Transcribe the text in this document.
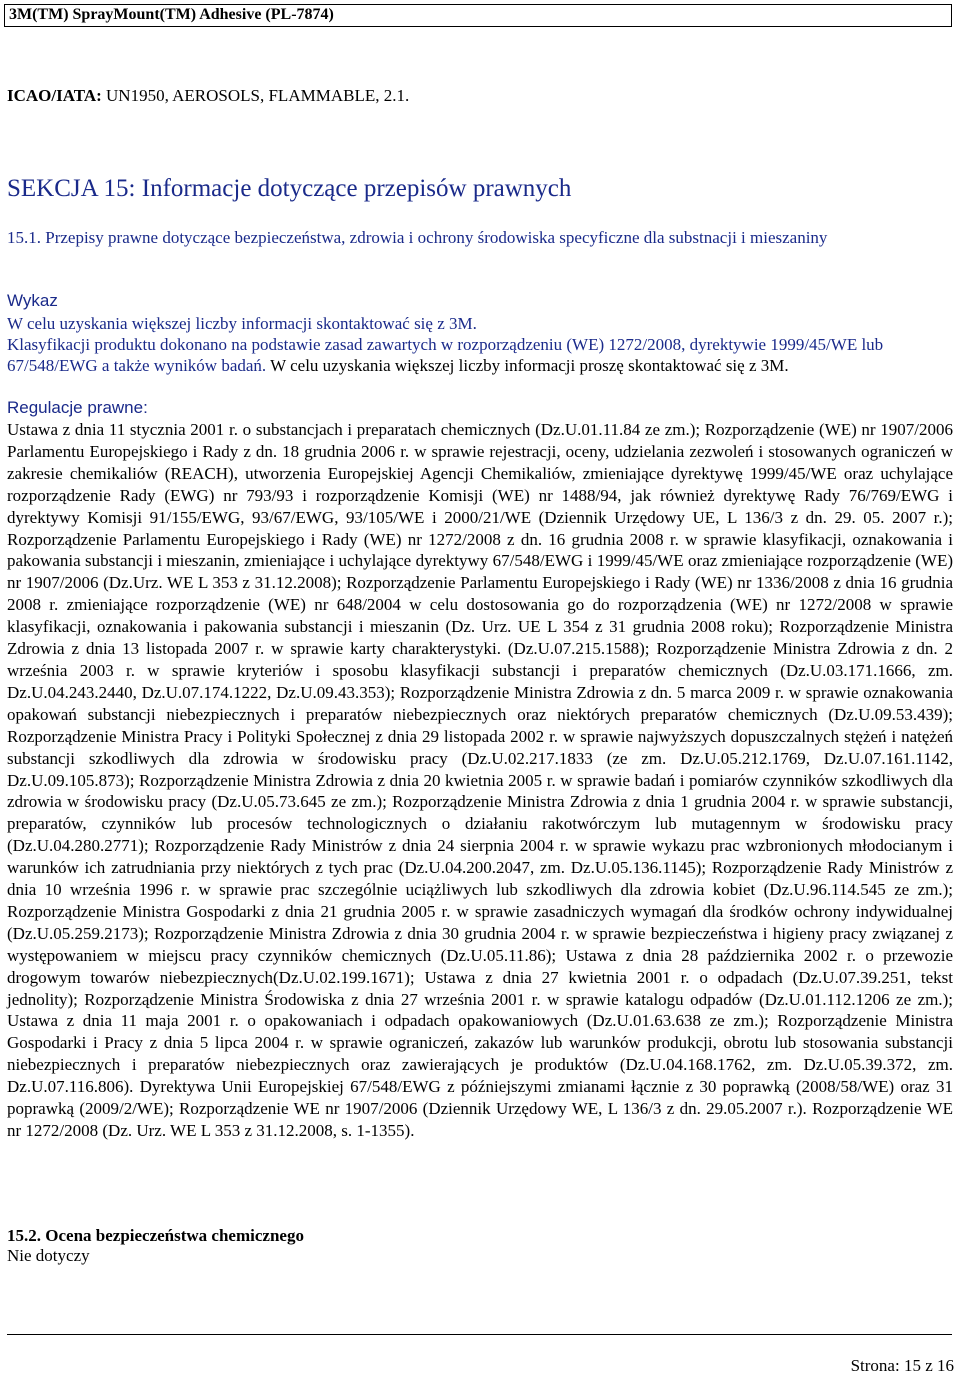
3M(TM) SprayMount(TM) Adhesive (PL-7874)
ICAO/IATA: UN1950, AEROSOLS, FLAMMABLE, 2.1.
SEKCJA 15: Informacje dotyczące przepisów prawnych
15.1. Przepisy prawne dotyczące bezpieczeństwa, zdrowia i ochrony środowiska specyficzne dla substnacji i mieszaniny
Wykaz
W celu uzyskania większej liczby informacji skontaktować się z 3M.
Klasyfikacji produktu dokonano na podstawie zasad zawartych w rozporządzeniu (WE) 1272/2008, dyrektywie 1999/45/WE lub 67/548/EWG a także wyników badań. W celu uzyskania większej liczby informacji proszę skontaktować się z 3M.
Regulacje prawne:
Ustawa z dnia 11 stycznia 2001 r. o substancjach i preparatach chemicznych (Dz.U.01.11.84 ze zm.); Rozporządzenie (WE) nr 1907/2006 Parlamentu Europejskiego i Rady z dn. 18 grudnia 2006 r. w sprawie rejestracji, oceny, udzielania zezwoleń i stosowanych ograniczeń w zakresie chemikaliów (REACH), utworzenia Europejskiej Agencji Chemikaliów, zmieniające dyrektywę 1999/45/WE oraz uchylające rozporządzenie Rady (EWG) nr 793/93 i rozporządzenie Komisji (WE) nr 1488/94, jak również dyrektywę Rady 76/769/EWG i dyrektywy Komisji 91/155/EWG, 93/67/EWG, 93/105/WE i 2000/21/WE (Dziennik Urzędowy UE, L 136/3 z dn. 29. 05. 2007 r.); Rozporządzenie Parlamentu Europejskiego i Rady (WE) nr 1272/2008 z dn. 16 grudnia 2008 r. w sprawie klasyfikacji, oznakowania i pakowania substancji i mieszanin, zmieniające i uchylające dyrektywy 67/548/EWG i 1999/45/WE oraz zmieniające rozporządzenie (WE) nr 1907/2006 (Dz.Urz. WE L 353 z 31.12.2008); Rozporządzenie Parlamentu Europejskiego i Rady (WE) nr 1336/2008 z dnia 16 grudnia 2008 r. zmieniające rozporządzenie (WE) nr 648/2004 w celu dostosowania go do rozporządzenia (WE) nr 1272/2008 w sprawie klasyfikacji, oznakowania i pakowania substancji i mieszanin (Dz. Urz. UE L 354 z 31 grudnia 2008 roku); Rozporządzenie Ministra Zdrowia z dnia 13 listopada 2007 r. w sprawie karty charakterystyki. (Dz.U.07.215.1588); Rozporządzenie Ministra Zdrowia z dn. 2 września 2003 r. w sprawie kryteriów i sposobu klasyfikacji substancji i preparatów chemicznych (Dz.U.03.171.1666, zm. Dz.U.04.243.2440, Dz.U.07.174.1222, Dz.U.09.43.353); Rozporządzenie Ministra Zdrowia z dn. 5 marca 2009 r. w sprawie oznakowania opakowań substancji niebezpiecznych i preparatów niebezpiecznych oraz niektórych preparatów chemicznych (Dz.U.09.53.439); Rozporządzenie Ministra Pracy i Polityki Społecznej z dnia 29 listopada 2002 r. w sprawie najwyższych dopuszczalnych stężeń i natężeń substancji szkodliwych dla zdrowia w środowisku pracy (Dz.U.02.217.1833 (ze zm. Dz.U.05.212.1769, Dz.U.07.161.1142, Dz.U.09.105.873); Rozporządzenie Ministra Zdrowia z dnia 20 kwietnia 2005 r. w sprawie badań i pomiarów czynników szkodliwych dla zdrowia w środowisku pracy (Dz.U.05.73.645 ze zm.); Rozporządzenie Ministra Zdrowia z dnia 1 grudnia 2004 r. w sprawie substancji, preparatów, czynników lub procesów technologicznych o działaniu rakotwórczym lub mutagennym w środowisku pracy (Dz.U.04.280.2771); Rozporządzenie Rady Ministrów z dnia 24 sierpnia 2004 r. w sprawie wykazu prac wzbronionych młodocianym i warunków ich zatrudniania przy niektórych z tych prac (Dz.U.04.200.2047, zm. Dz.U.05.136.1145); Rozporządzenie Rady Ministrów z dnia 10 września 1996 r. w sprawie prac szczególnie uciążliwych lub szkodliwych dla zdrowia kobiet (Dz.U.96.114.545 ze zm.); Rozporządzenie Ministra Gospodarki z dnia 21 grudnia 2005 r. w sprawie zasadniczych wymagań dla środków ochrony indywidualnej (Dz.U.05.259.2173); Rozporządzenie Ministra Zdrowia z dnia 30 grudnia 2004 r. w sprawie bezpieczeństwa i higieny pracy związanej z występowaniem w miejscu pracy czynników chemicznych (Dz.U.05.11.86); Ustawa z dnia 28 października 2002 r. o przewozie drogowym towarów niebezpiecznych(Dz.U.02.199.1671); Ustawa z dnia 27 kwietnia 2001 r. o odpadach (Dz.U.07.39.251, tekst jednolity); Rozporządzenie Ministra Środowiska z dnia 27 września 2001 r. w sprawie katalogu odpadów (Dz.U.01.112.1206 ze zm.); Ustawa z dnia 11 maja 2001 r. o opakowaniach i odpadach opakowaniowych (Dz.U.01.63.638 ze zm.); Rozporządzenie Ministra Gospodarki i Pracy z dnia 5 lipca 2004 r. w sprawie ograniczeń, zakazów lub warunków produkcji, obrotu lub stosowania substancji niebezpiecznych i preparatów niebezpiecznych oraz zawierających je produktów (Dz.U.04.168.1762, zm. Dz.U.05.39.372, zm. Dz.U.07.116.806). Dyrektywa Unii Europejskiej 67/548/EWG z późniejszymi zmianami łącznie z 30 poprawką (2008/58/WE) oraz 31 poprawką (2009/2/WE); Rozporządzenie WE nr 1907/2006 (Dziennik Urzędowy WE, L 136/3 z dn. 29.05.2007 r.). Rozporządzenie WE nr 1272/2008 (Dz. Urz. WE L 353 z 31.12.2008, s. 1-1355).
15.2. Ocena bezpieczeństwa chemicznego
Nie dotyczy
Strona: 15 z 16
